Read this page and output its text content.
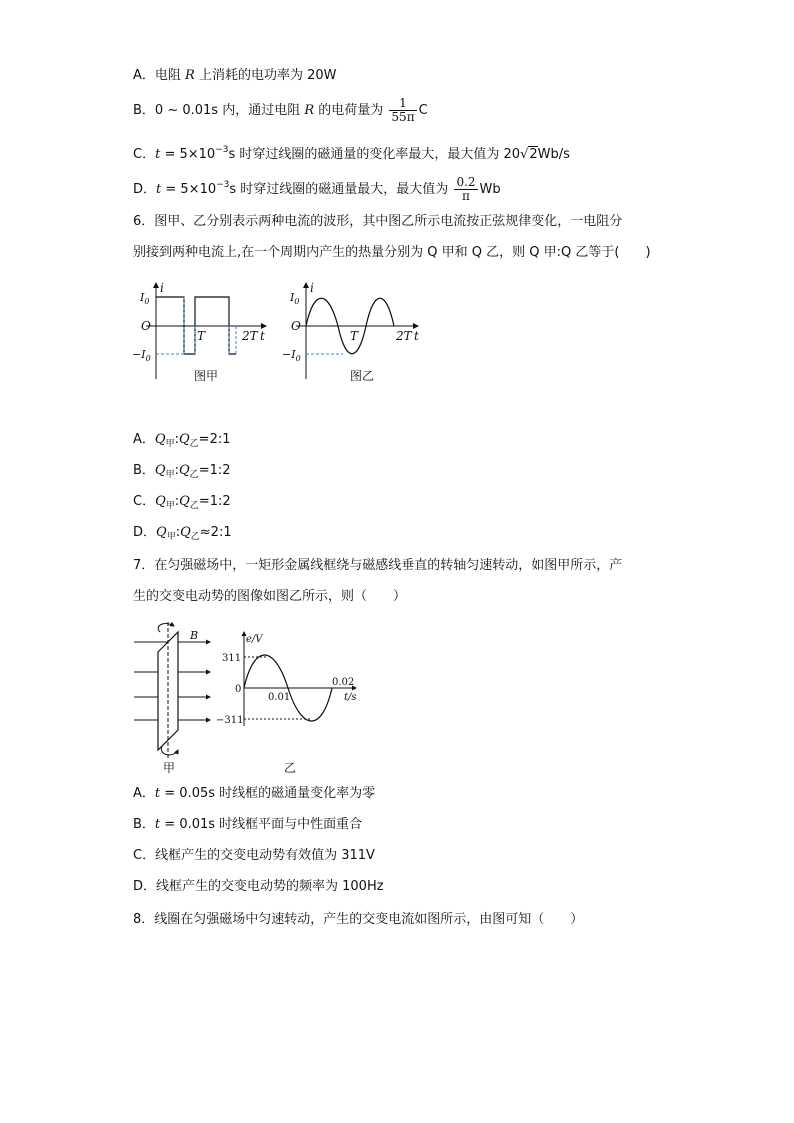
A．电阻 R 上消耗的电功率为 20W
B．0 ~ 0.01s 内，通过电阻 R 的电荷量为 $\frac{1}{55\pi}$ C
C．$t = 5\times 10^{-3}s$ 时穿过线圈的磁通量的变化率最大，最大值为 20√2Wb/s
D．$t = 5\times 10^{-3}s$ 时穿过线圈的磁通量最大，最大值为 $\frac{0.2}{\pi}$ Wb
6．图甲、乙分别表示两种电流的波形，其中图乙所示电流按正弦规律变化，一电阻分
别接到两种电流上,在一个周期内产生的热量分别为 Q 甲和 Q 乙，则 Q 甲:Q 乙等于(　　)
i
$I_0$
O
$-I_0$
T	2T t
图甲
i
$I_0$
O
$-I_0$
T	2T t
图乙
A．$Q_甲:Q_乙=2:1$
B．$Q_甲:Q_乙=1:2$
C．$Q_甲:Q_乙=1:2$
D．$Q_甲:Q_乙\approx 2:1$
7．在匀强磁场中，一矩形金属线框绕与磁感线垂直的转轴匀速转动，如图甲所示，产
生的交变电动势的图像如图乙所示，则（　　）
B
甲
e/V
311
0
−311
0.01
0.02
t/s
乙
A．t = 0.05s 时线框的磁通量变化率为零
B．t = 0.01s 时线框平面与中性面重合
C．线框产生的交变电动势有效值为 311V
D．线框产生的交变电动势的频率为 100Hz
8．线圈在匀强磁场中匀速转动，产生的交变电流如图所示，由图可知（　　）
